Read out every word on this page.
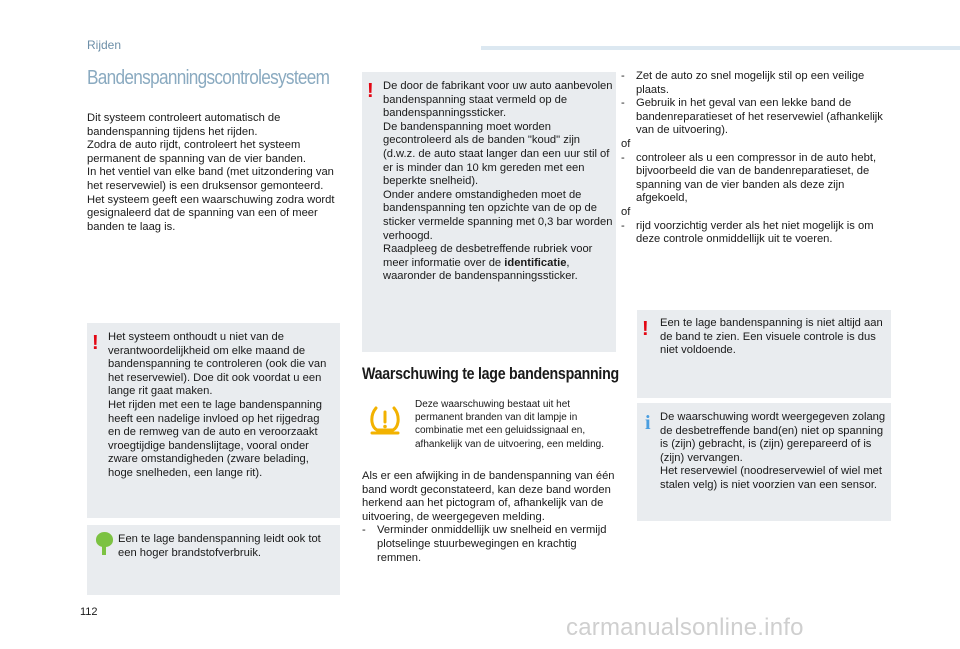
Rijden
Bandenspanningscontrolesysteem
Dit systeem controleert automatisch de bandenspanning tijdens het rijden.
Zodra de auto rijdt, controleert het systeem permanent de spanning van de vier banden.
In het ventiel van elke band (met uitzondering van het reservewiel) is een druksensor gemonteerd.
Het systeem geeft een waarschuwing zodra wordt gesignaleerd dat de spanning van een of meer banden te laag is.
! Het systeem onthoudt u niet van de verantwoordelijkheid om elke maand de bandenspanning te controleren (ook die van het reservewiel). Doe dit ook voordat u een lange rit gaat maken.
Het rijden met een te lage bandenspanning heeft een nadelige invloed op het rijgedrag en de remweg van de auto en veroorzaakt vroegtijdige bandenslijtage, vooral onder zware omstandigheden (zware belading, hoge snelheden, een lange rit).
Een te lage bandenspanning leidt ook tot een hoger brandstofverbruik.
! De door de fabrikant voor uw auto aanbevolen bandenspanning staat vermeld op de bandenspanningssticker.
De bandenspanning moet worden gecontroleerd als de banden "koud" zijn (d.w.z. de auto staat langer dan een uur stil of er is minder dan 10 km gereden met een beperkte snelheid).
Onder andere omstandigheden moet de bandenspanning ten opzichte van de op de sticker vermelde spanning met 0,3 bar worden verhoogd.
Raadpleeg de desbetreffende rubriek voor meer informatie over de identificatie, waaronder de bandenspanningssticker.
Waarschuwing te lage bandenspanning
Deze waarschuwing bestaat uit het permanent branden van dit lampje in combinatie met een geluidssignaal en, afhankelijk van de uitvoering, een melding.
Als er een afwijking in de bandenspanning van één band wordt geconstateerd, kan deze band worden herkend aan het pictogram of, afhankelijk van de uitvoering, de weergegeven melding.
- Verminder onmiddellijk uw snelheid en vermijd plotselinge stuurbewegingen en krachtig remmen.
- Zet de auto zo snel mogelijk stil op een veilige plaats.
- Gebruik in het geval van een lekke band de bandenreparatieset of het reservewiel (afhankelijk van de uitvoering).
of
- controleer als u een compressor in de auto hebt, bijvoorbeeld die van de bandenreparatieset, de spanning van de vier banden als deze zijn afgekoeld,
of
- rijd voorzichtig verder als het niet mogelijk is om deze controle onmiddellijk uit te voeren.
! Een te lage bandenspanning is niet altijd aan de band te zien. Een visuele controle is dus niet voldoende.
i De waarschuwing wordt weergegeven zolang de desbetreffende band(en) niet op spanning is (zijn) gebracht, is (zijn) gerepareerd of is (zijn) vervangen.
Het reservewiel (noodreservewiel of wiel met stalen velg) is niet voorzien van een sensor.
112
carmanualsonline.info
